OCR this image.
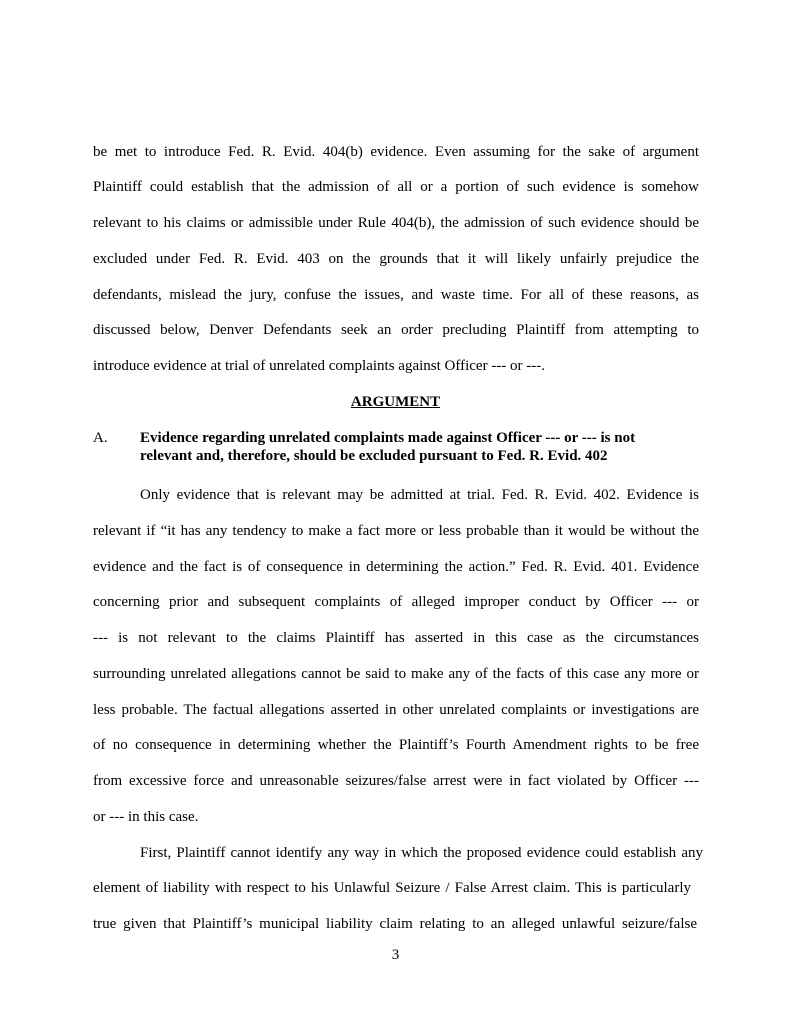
be met to introduce Fed. R. Evid. 404(b) evidence. Even assuming for the sake of argument
Plaintiff could establish that the admission of all or a portion of such evidence is somehow
relevant to his claims or admissible under Rule 404(b), the admission of such evidence should be
excluded under Fed. R. Evid. 403 on the grounds that it will likely unfairly prejudice the
defendants, mislead the jury, confuse the issues, and waste time. For all of these reasons, as
discussed below, Denver Defendants seek an order precluding Plaintiff from attempting to
introduce evidence at trial of unrelated complaints against Officer --- or ---.
ARGUMENT
A. Evidence regarding unrelated complaints made against Officer --- or --- is not
relevant and, therefore, should be excluded pursuant to Fed. R. Evid. 402
Only evidence that is relevant may be admitted at trial. Fed. R. Evid. 402. Evidence is
relevant if “it has any tendency to make a fact more or less probable than it would be without the
evidence and the fact is of consequence in determining the action.” Fed. R. Evid. 401. Evidence
concerning prior and subsequent complaints of alleged improper conduct by Officer --- or
--- is not relevant to the claims Plaintiff has asserted in this case as the circumstances
surrounding unrelated allegations cannot be said to make any of the facts of this case any more or
less probable. The factual allegations asserted in other unrelated complaints or investigations are
of no consequence in determining whether the Plaintiff’s Fourth Amendment rights to be free
from excessive force and unreasonable seizures/false arrest were in fact violated by Officer ---
or --- in this case.
First, Plaintiff cannot identify any way in which the proposed evidence could establish any
element of liability with respect to his Unlawful Seizure / False Arrest claim. This is particularly
true given that Plaintiff’s municipal liability claim relating to an alleged unlawful seizure/false
3
